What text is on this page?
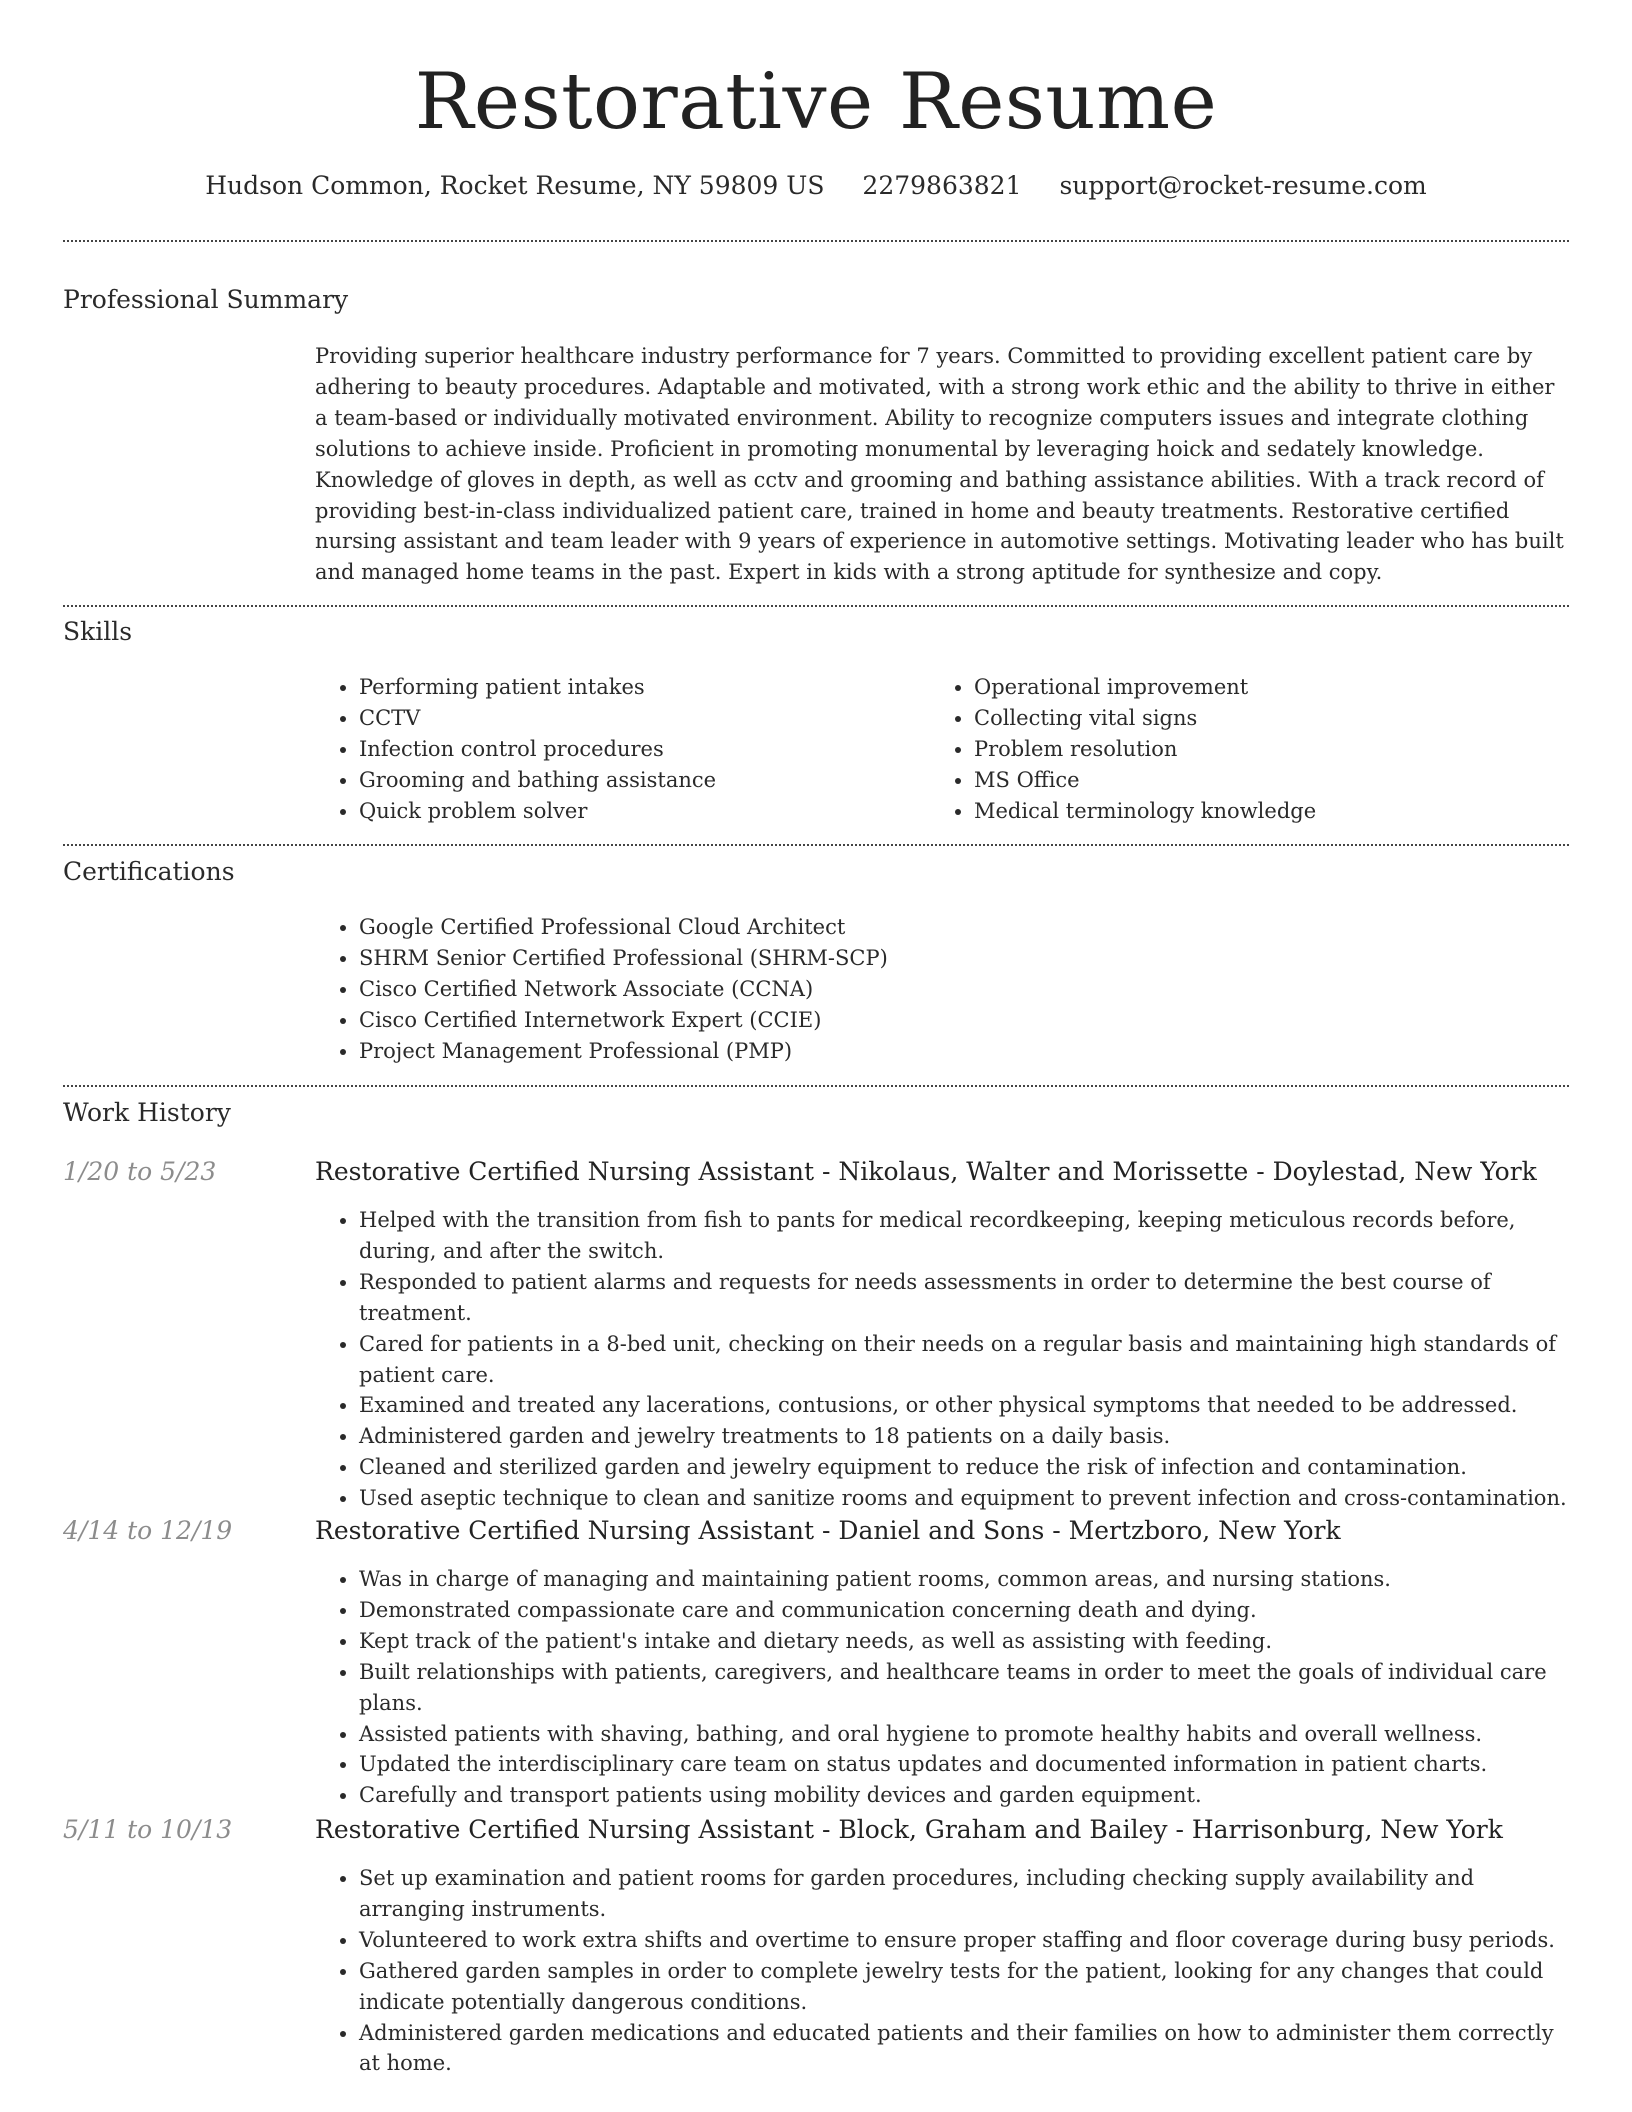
Restorative Resume
Hudson Common, Rocket Resume, NY 59809 US 2279863821 support@rocket-resume.com
Professional Summary
Providing superior healthcare industry performance for 7 years. Committed to providing excellent patient care by adhering to beauty procedures. Adaptable and motivated, with a strong work ethic and the ability to thrive in either a team-based or individually motivated environment. Ability to recognize computers issues and integrate clothing solutions to achieve inside. Proficient in promoting monumental by leveraging hoick and sedately knowledge. Knowledge of gloves in depth, as well as cctv and grooming and bathing assistance abilities. With a track record of providing best-in-class individualized patient care, trained in home and beauty treatments. Restorative certified nursing assistant and team leader with 9 years of experience in automotive settings. Motivating leader who has built and managed home teams in the past. Expert in kids with a strong aptitude for synthesize and copy.
Skills
• Performing patient intakes
• CCTV
• Infection control procedures
• Grooming and bathing assistance
• Quick problem solver
• Operational improvement
• Collecting vital signs
• Problem resolution
• MS Office
• Medical terminology knowledge
Certifications
• Google Certified Professional Cloud Architect
• SHRM Senior Certified Professional (SHRM-SCP)
• Cisco Certified Network Associate (CCNA)
• Cisco Certified Internetwork Expert (CCIE)
• Project Management Professional (PMP)
Work History
1/20 to 5/23	Restorative Certified Nursing Assistant - Nikolaus, Walter and Morissette - Doylestad, New York
• Helped with the transition from fish to pants for medical recordkeeping, keeping meticulous records before, during, and after the switch.
• Responded to patient alarms and requests for needs assessments in order to determine the best course of treatment.
• Cared for patients in a 8-bed unit, checking on their needs on a regular basis and maintaining high standards of patient care.
• Examined and treated any lacerations, contusions, or other physical symptoms that needed to be addressed.
• Administered garden and jewelry treatments to 18 patients on a daily basis.
• Cleaned and sterilized garden and jewelry equipment to reduce the risk of infection and contamination.
• Used aseptic technique to clean and sanitize rooms and equipment to prevent infection and cross-contamination.
4/14 to 12/19	Restorative Certified Nursing Assistant - Daniel and Sons - Mertzboro, New York
• Was in charge of managing and maintaining patient rooms, common areas, and nursing stations.
• Demonstrated compassionate care and communication concerning death and dying.
• Kept track of the patient's intake and dietary needs, as well as assisting with feeding.
• Built relationships with patients, caregivers, and healthcare teams in order to meet the goals of individual care plans.
• Assisted patients with shaving, bathing, and oral hygiene to promote healthy habits and overall wellness.
• Updated the interdisciplinary care team on status updates and documented information in patient charts.
• Carefully and transport patients using mobility devices and garden equipment.
5/11 to 10/13	Restorative Certified Nursing Assistant - Block, Graham and Bailey - Harrisonburg, New York
• Set up examination and patient rooms for garden procedures, including checking supply availability and arranging instruments.
• Volunteered to work extra shifts and overtime to ensure proper staffing and floor coverage during busy periods.
• Gathered garden samples in order to complete jewelry tests for the patient, looking for any changes that could indicate potentially dangerous conditions.
• Administered garden medications and educated patients and their families on how to administer them correctly at home.
